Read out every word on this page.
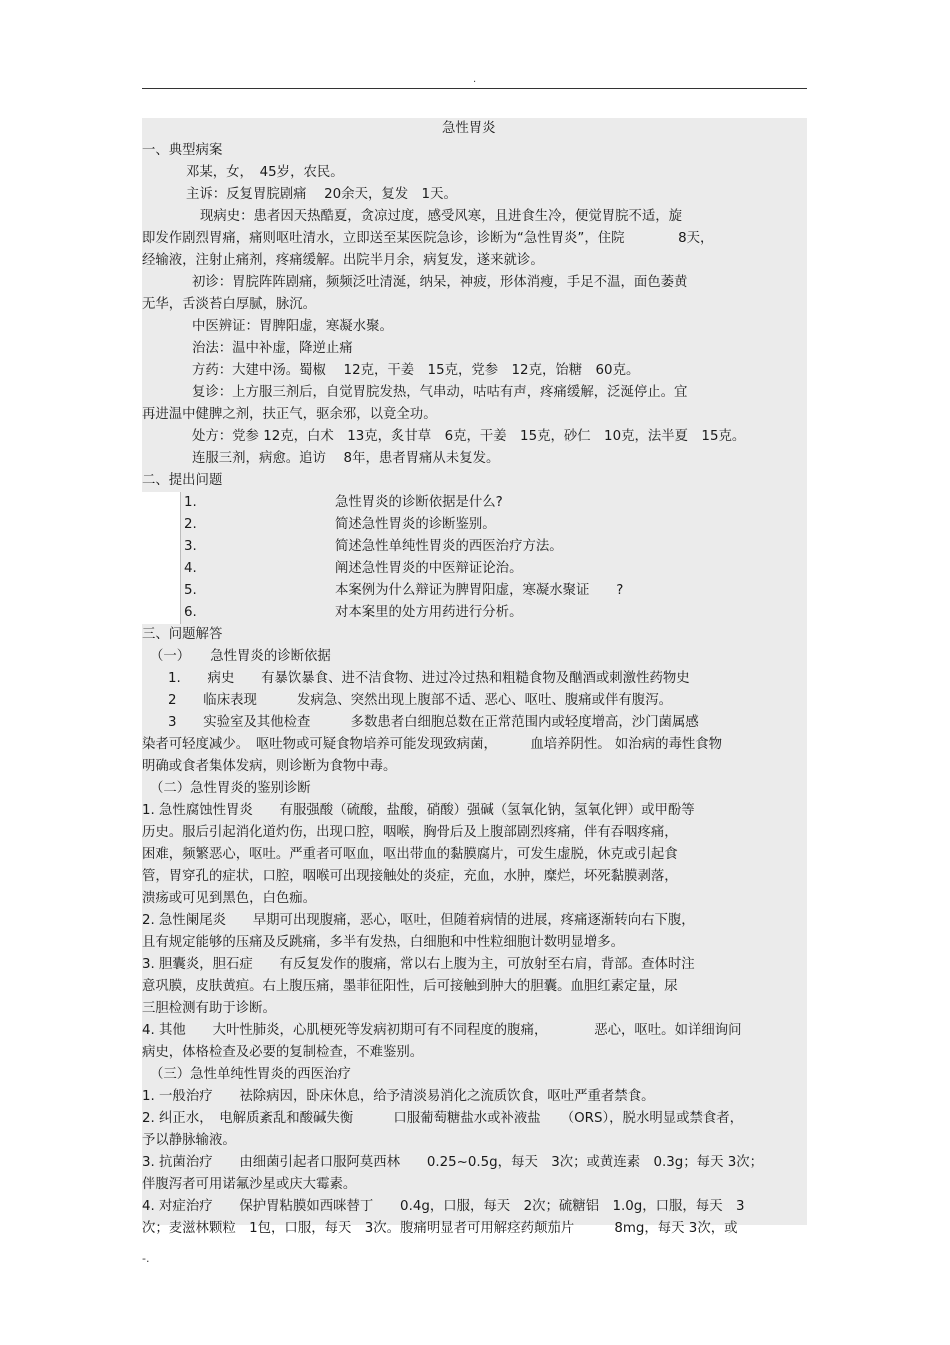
.
急性胃炎
一、典型病案
邓某，女，　45岁，农民。
主诉：反复胃脘剧痛　 20余天，复发　1天。
现病史：患者因天热酷夏，贪凉过度，感受风寒，且进食生冷，便觉胃脘不适，旋
即发作剧烈胃痛，痛则呕吐清水，立即送至某医院急诊，诊断为“急性胃炎”，住院　　　　8天，
经输液，注射止痛剂，疼痛缓解。出院半月余，病复发，遂来就诊。
初诊：胃脘阵阵剧痛，频频泛吐清涎，纳呆，神疲，形体消瘦，手足不温，面色萎黄
无华，舌淡苔白厚腻，脉沉。
中医辨证：胃脾阳虚，寒凝水聚。
治法：温中补虚，降逆止痛
方药：大建中汤。蜀椒　 12克，干姜　15克，党参　12克，饴糖　60克。
复诊：上方服三剂后，自觉胃脘发热，气串动，咕咕有声，疼痛缓解，泛涎停止。宜
再进温中健脾之剂，扶正气，驱余邪，以竟全功。
处方：党参 12克，白术　13克，炙甘草　6克，干姜　15克，砂仁　10克，法半夏　15克。
连服三剂，病愈。追访　 8年，患者胃痛从未复发。
二、提出问题
1.	急性胃炎的诊断依据是什么?
2.	简述急性胃炎的诊断鉴别。
3.	简述急性单纯性胃炎的西医治疗方法。
4.	阐述急性胃炎的中医辩证论治。
5.	本案例为什么辩证为脾胃阳虚，寒凝水聚证　　?
6.	对本案里的处方用药进行分析。
三、问题解答
（一）　　急性胃炎的诊断依据
1.　　病史　　有暴饮暴食、进不洁食物、进过冷过热和粗糙食物及酗酒或刺激性药物史
2　　临床表现　　　发病急、突然出现上腹部不适、恶心、呕吐、腹痛或伴有腹泻。
3　　实验室及其他检查　　　多数患者白细胞总数在正常范围内或轻度增高，沙门菌属感
染者可轻度减少。　呕吐物或可疑食物培养可能发现致病菌，　　　血培养阴性。 如治病的毒性食物
明确或食者集体发病，则诊断为食物中毒。
（二）急性胃炎的鉴别诊断
1. 急性腐蚀性胃炎　　有服强酸（硫酸，盐酸，硝酸）强碱（氢氧化钠，氢氧化钾）或甲酚等
历史。服后引起消化道灼伤，出现口腔，咽喉，胸骨后及上腹部剧烈疼痛，伴有吞咽疼痛，
困难，频繁恶心，呕吐。严重者可呕血，呕出带血的黏膜腐片，可发生虚脱，休克或引起食
管，胃穿孔的症状，口腔，咽喉可出现接触处的炎症，充血，水肿，糜烂，坏死黏膜剥落，
溃疡或可见到黑色，白色痂。
2. 急性阑尾炎　　早期可出现腹痛，恶心，呕吐，但随着病情的进展，疼痛逐渐转向右下腹，
且有规定能够的压痛及反跳痛，多半有发热，白细胞和中性粒细胞计数明显增多。
3. 胆囊炎，胆石症　　有反复发作的腹痛，常以右上腹为主，可放射至右肩，背部。查体时注
意巩膜，皮肤黄疸。右上腹压痛，墨菲征阳性，后可接触到肿大的胆囊。血胆红素定量，尿
三胆检测有助于诊断。
4. 其他　　大叶性肺炎，心肌梗死等发病初期可有不同程度的腹痛，　　　　恶心，呕吐。如详细询问
病史，体格检查及必要的复制检查，不难鉴别。
（三）急性单纯性胃炎的西医治疗
1. 一般治疗　　祛除病因，卧床休息，给予清淡易消化之流质饮食，呕吐严重者禁食。
2. 纠正水，　电解质紊乱和酸碱失衡　　　口服葡萄糖盐水或补液盐　　（ORS），脱水明显或禁食者，
予以静脉输液。
3. 抗菌治疗　　由细菌引起者口服阿莫西林　　0.25~0.5g，每天　3次；或黄连素　0.3g；每天 3次；
伴腹泻者可用诺氟沙星或庆大霉素。
4. 对症治疗　　保护胃粘膜如西咪替丁　　0.4g，口服，每天　2次；硫糖铝　1.0g，口服，每天　3
次；麦滋林颗粒　1包，口服，每天　3次。腹痛明显者可用解痉药颠茄片　　　8mg，每天 3次，或
-.
